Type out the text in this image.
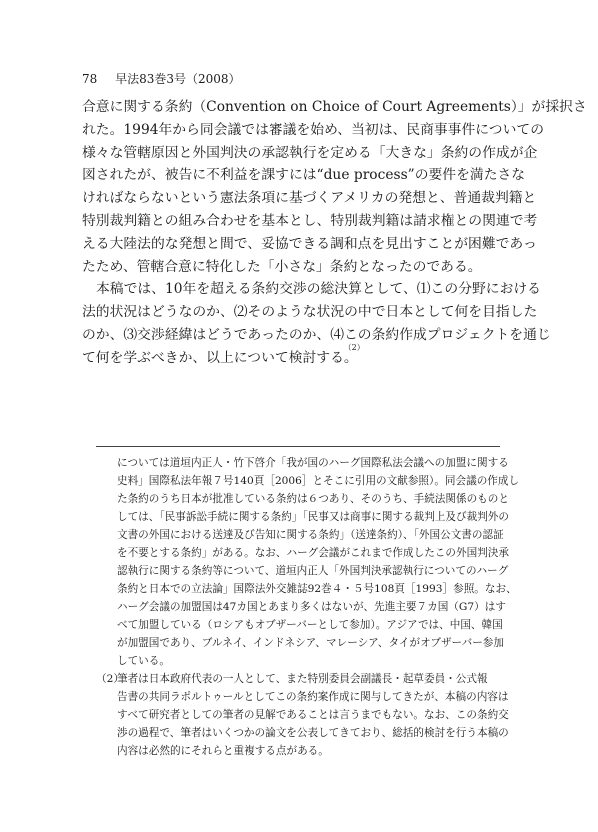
78 早法83巻3号（2008）
合意に関する条約（Convention on Choice of Court Agreements）」が採択さ
れた。1994年から同会議では審議を始め、当初は、民商事事件についての
様々な管轄原因と外国判決の承認執行を定める「大きな」条約の作成が企
図されたが、被告に不利益を課すには“due process”の要件を満たさな
ければならないという憲法条項に基づくアメリカの発想と、普通裁判籍と
特別裁判籍との組み合わせを基本とし、特別裁判籍は請求権との関連で考
える大陸法的な発想と間で、妥協できる調和点を見出すことが困難であっ
たため、管轄合意に特化した「小さな」条約となったのである。
本稿では、10年を超える条約交渉の総決算として、⑴この分野における
法的状況はどうなのか、⑵そのような状況の中で日本として何を目指した
のか、⑶交渉経緯はどうであったのか、⑷この条約作成プロジェクトを通じ
て何を学ぶべきか、以上について検討する。$^{(2)}$
については道垣内正人・竹下啓介「我が国のハーグ国際私法会議への加盟に関する
史料」国際私法年報７号140頁［2006］とそこに引用の文献参照）。同会議の作成し
た条約のうち日本が批准している条約は６つあり、そのうち、手続法関係のものと
しては、「民事訴訟手続に関する条約」「民事又は商事に関する裁判上及び裁判外の
文書の外国における送達及び告知に関する条約」（送達条約）、「外国公文書の認証
を不要とする条約」がある。なお、ハーグ会議がこれまで作成したこの外国判決承
認執行に関する条約等について、道垣内正人「外国判決承認執行についてのハーグ
条約と日本での立法論」国際法外交雑誌92巻４・５号108頁［1993］参照。なお、
ハーグ会議の加盟国は47カ国とあまり多くはないが、先進主要７カ国（G7）はす
べて加盟している（ロシアもオブザーバーとして参加）。アジアでは、中国、韓国
が加盟国であり、ブルネイ、インドネシア、マレーシア、タイがオブザーバー参加
している。
（2）筆者は日本政府代表の一人として、また特別委員会副議長・起草委員・公式報
告書の共同ラポルトゥールとしてこの条約案作成に関与してきたが、本稿の内容は
すべて研究者としての筆者の見解であることは言うまでもない。なお、この条約交
渉の過程で、筆者はいくつかの論文を公表してきており、総括的検討を行う本稿の
内容は必然的にそれらと重複する点がある。
